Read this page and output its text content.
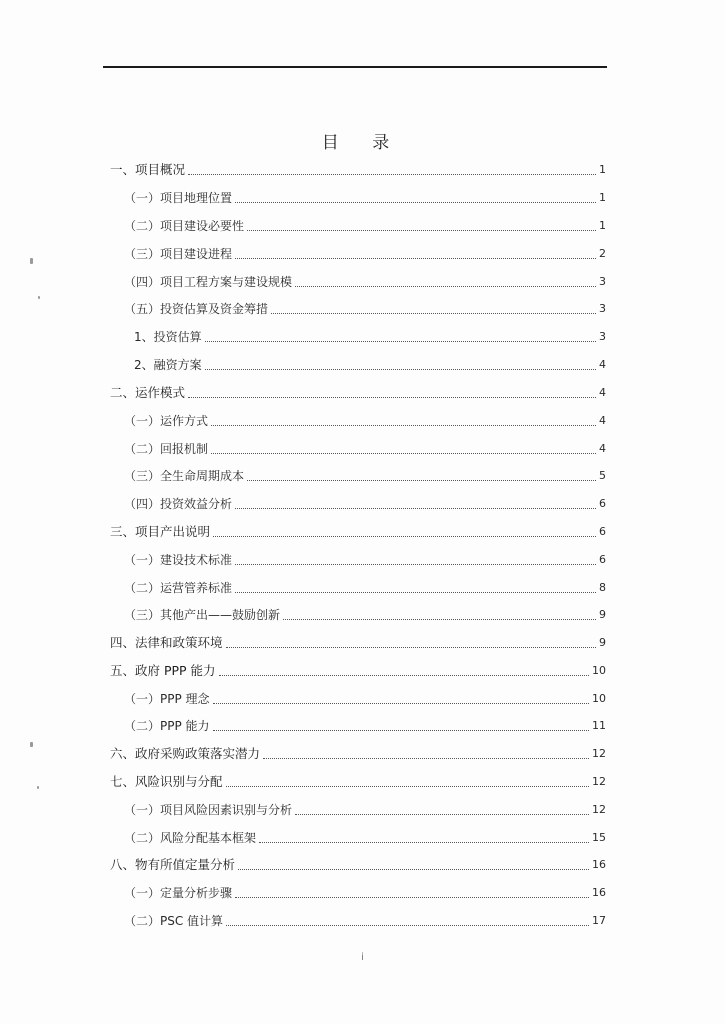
目 录
一、项目概况	1
（一）项目地理位置	1
（二）项目建设必要性	1
（三）项目建设进程	2
（四）项目工程方案与建设规模	3
（五）投资估算及资金筹措	3
1、投资估算	3
2、融资方案	4
二、运作模式	4
（一）运作方式	4
（二）回报机制	4
（三）全生命周期成本	5
（四）投资效益分析	6
三、项目产出说明	6
（一）建设技术标准	6
（二）运营管养标准	8
（三）其他产出——鼓励创新	9
四、法律和政策环境	9
五、政府 PPP 能力	10
（一）PPP 理念	10
（二）PPP 能力	11
六、政府采购政策落实潜力	12
七、风险识别与分配	12
（一）项目风险因素识别与分析	12
（二）风险分配基本框架	15
八、物有所值定量分析	16
（一）定量分析步骤	16
（二）PSC 值计算	17
i
